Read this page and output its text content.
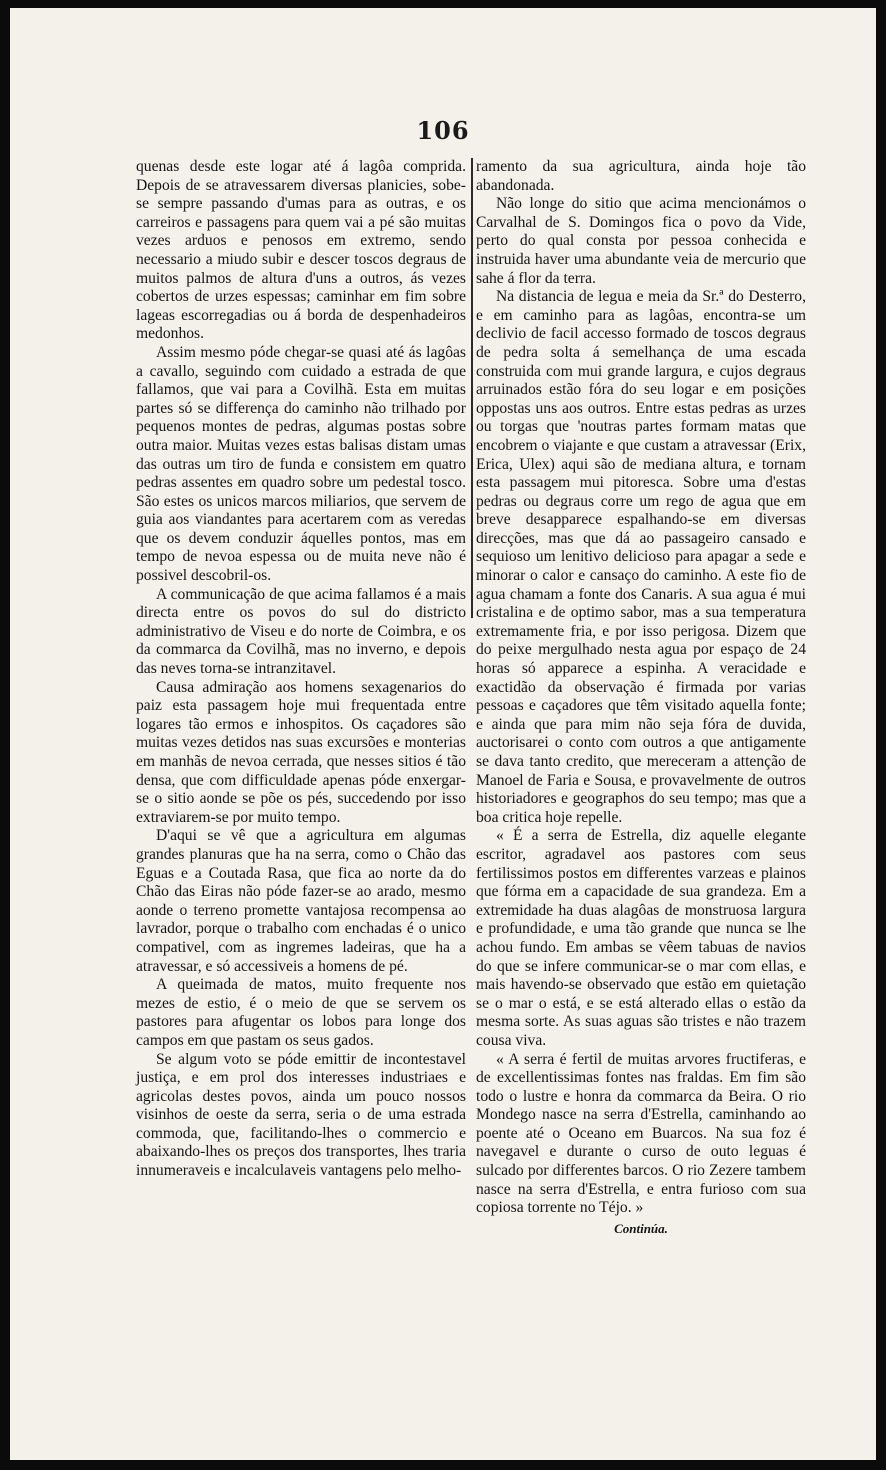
106

quenas desde este logar até á lagôa comprida. Depois de se atravessarem diversas planicies, sobe-se sempre passando d'umas para as outras, e os carreiros e passagens para quem vai a pé são muitas vezes arduos e penosos em extremo, sendo necessario a miudo subir e descer toscos degraus de muitos palmos de altura d'uns a outros, ás vezes cobertos de urzes espessas; caminhar em fim sobre lageas escorregadias ou á borda de despenhadeiros medonhos.

Assim mesmo póde chegar-se quasi até ás lagôas a cavallo, seguindo com cuidado a estrada de que fallamos, que vai para a Covilhã. Esta em muitas partes só se differença do caminho não trilhado por pequenos montes de pedras, algumas postas sobre outra maior. Muitas vezes estas balisas distam umas das outras um tiro de funda e consistem em quatro pedras assentes em quadro sobre um pedestal tosco. São estes os unicos marcos miliarios, que servem de guia aos viandantes para acertarem com as veredas que os devem conduzir áquelles pontos, mas em tempo de nevoa espessa ou de muita neve não é possivel descobril-os.

A communicação de que acima fallamos é a mais directa entre os povos do sul do districto administrativo de Viseu e do norte de Coimbra, e os da commarca da Covilhã, mas no inverno, e depois das neves torna-se intranzitavel.

Causa admiração aos homens sexagenarios do paiz esta passagem hoje mui frequentada entre logares tão ermos e inhospitos. Os caçadores são muitas vezes detidos nas suas excursões e monterias em manhãs de nevoa cerrada, que nesses sitios é tão densa, que com difficuldade apenas póde enxergar-se o sitio aonde se põe os pés, succedendo por isso extraviarem-se por muito tempo.

D'aqui se vê que a agricultura em algumas grandes planuras que ha na serra, como o Chão das Eguas e a Coutada Rasa, que fica ao norte da do Chão das Eiras não póde fazer-se ao arado, mesmo aonde o terreno promette vantajosa recompensa ao lavrador, porque o trabalho com enchadas é o unico compativel, com as ingremes ladeiras, que ha a atravessar, e só accessiveis a homens de pé.

A queimada de matos, muito frequente nos mezes de estio, é o meio de que se servem os pastores para afugentar os lobos para longe dos campos em que pastam os seus gados.

Se algum voto se póde emittir de incontestavel justiça, e em prol dos interesses industriaes e agricolas destes povos, ainda um pouco nossos visinhos de oeste da serra, seria o de uma estrada commoda, que, facilitando-lhes o commercio e abaixando-lhes os preços dos transportes, lhes traria innumeraveis e incalculaveis vantagens pelo melho-

ramento da sua agricultura, ainda hoje tão abandonada.

Não longe do sitio que acima mencionámos o Carvalhal de S. Domingos fica o povo da Vide, perto do qual consta por pessoa conhecida e instruida haver uma abundante veia de mercurio que sahe á flor da terra.

Na distancia de legua e meia da Sr.ª do Desterro, e em caminho para as lagôas, encontra-se um declivio de facil accesso formado de toscos degraus de pedra solta á semelhança de uma escada construida com mui grande largura, e cujos degraus arruinados estão fóra do seu logar e em posições oppostas uns aos outros. Entre estas pedras as urzes ou torgas que 'noutras partes formam matas que encobrem o viajante e que custam a atravessar (Erix, Erica, Ulex) aqui são de mediana altura, e tornam esta passagem mui pitoresca. Sobre uma d'estas pedras ou degraus corre um rego de agua que em breve desapparece espalhando-se em diversas direcções, mas que dá ao passageiro cansado e sequioso um lenitivo delicioso para apagar a sede e minorar o calor e cansaço do caminho. A este fio de agua chamam a fonte dos Canaris. A sua agua é mui cristalina e de optimo sabor, mas a sua temperatura extremamente fria, e por isso perigosa. Dizem que do peixe mergulhado nesta agua por espaço de 24 horas só apparece a espinha. A veracidade e exactidão da observação é firmada por varias pessoas e caçadores que têm visitado aquella fonte; e ainda que para mim não seja fóra de duvida, auctorisarei o conto com outros a que antigamente se dava tanto credito, que mereceram a attenção de Manoel de Faria e Sousa, e provavelmente de outros historiadores e geographos do seu tempo; mas que a boa critica hoje repelle.

« É a serra de Estrella, diz aquelle elegante escritor, agradavel aos pastores com seus fertilissimos postos em differentes varzeas e plainos que fórma em a capacidade de sua grandeza. Em a extremidade ha duas alagôas de monstruosa largura e profundidade, e uma tão grande que nunca se lhe achou fundo. Em ambas se vêem tabuas de navios do que se infere communicar-se o mar com ellas, e mais havendo-se observado que estão em quietação se o mar o está, e se está alterado ellas o estão da mesma sorte. As suas aguas são tristes e não trazem cousa viva.

« A serra é fertil de muitas arvores fructiferas, e de excellentissimas fontes nas fraldas. Em fim são todo o lustre e honra da commarca da Beira. O rio Mondego nasce na serra d'Estrella, caminhando ao poente até o Oceano em Buarcos. Na sua foz é navegavel e durante o curso de outo leguas é sulcado por differentes barcos. O rio Zezere tambem nasce na serra d'Estrella, e entra furioso com sua copiosa torrente no Téjo. »

Continúa.
